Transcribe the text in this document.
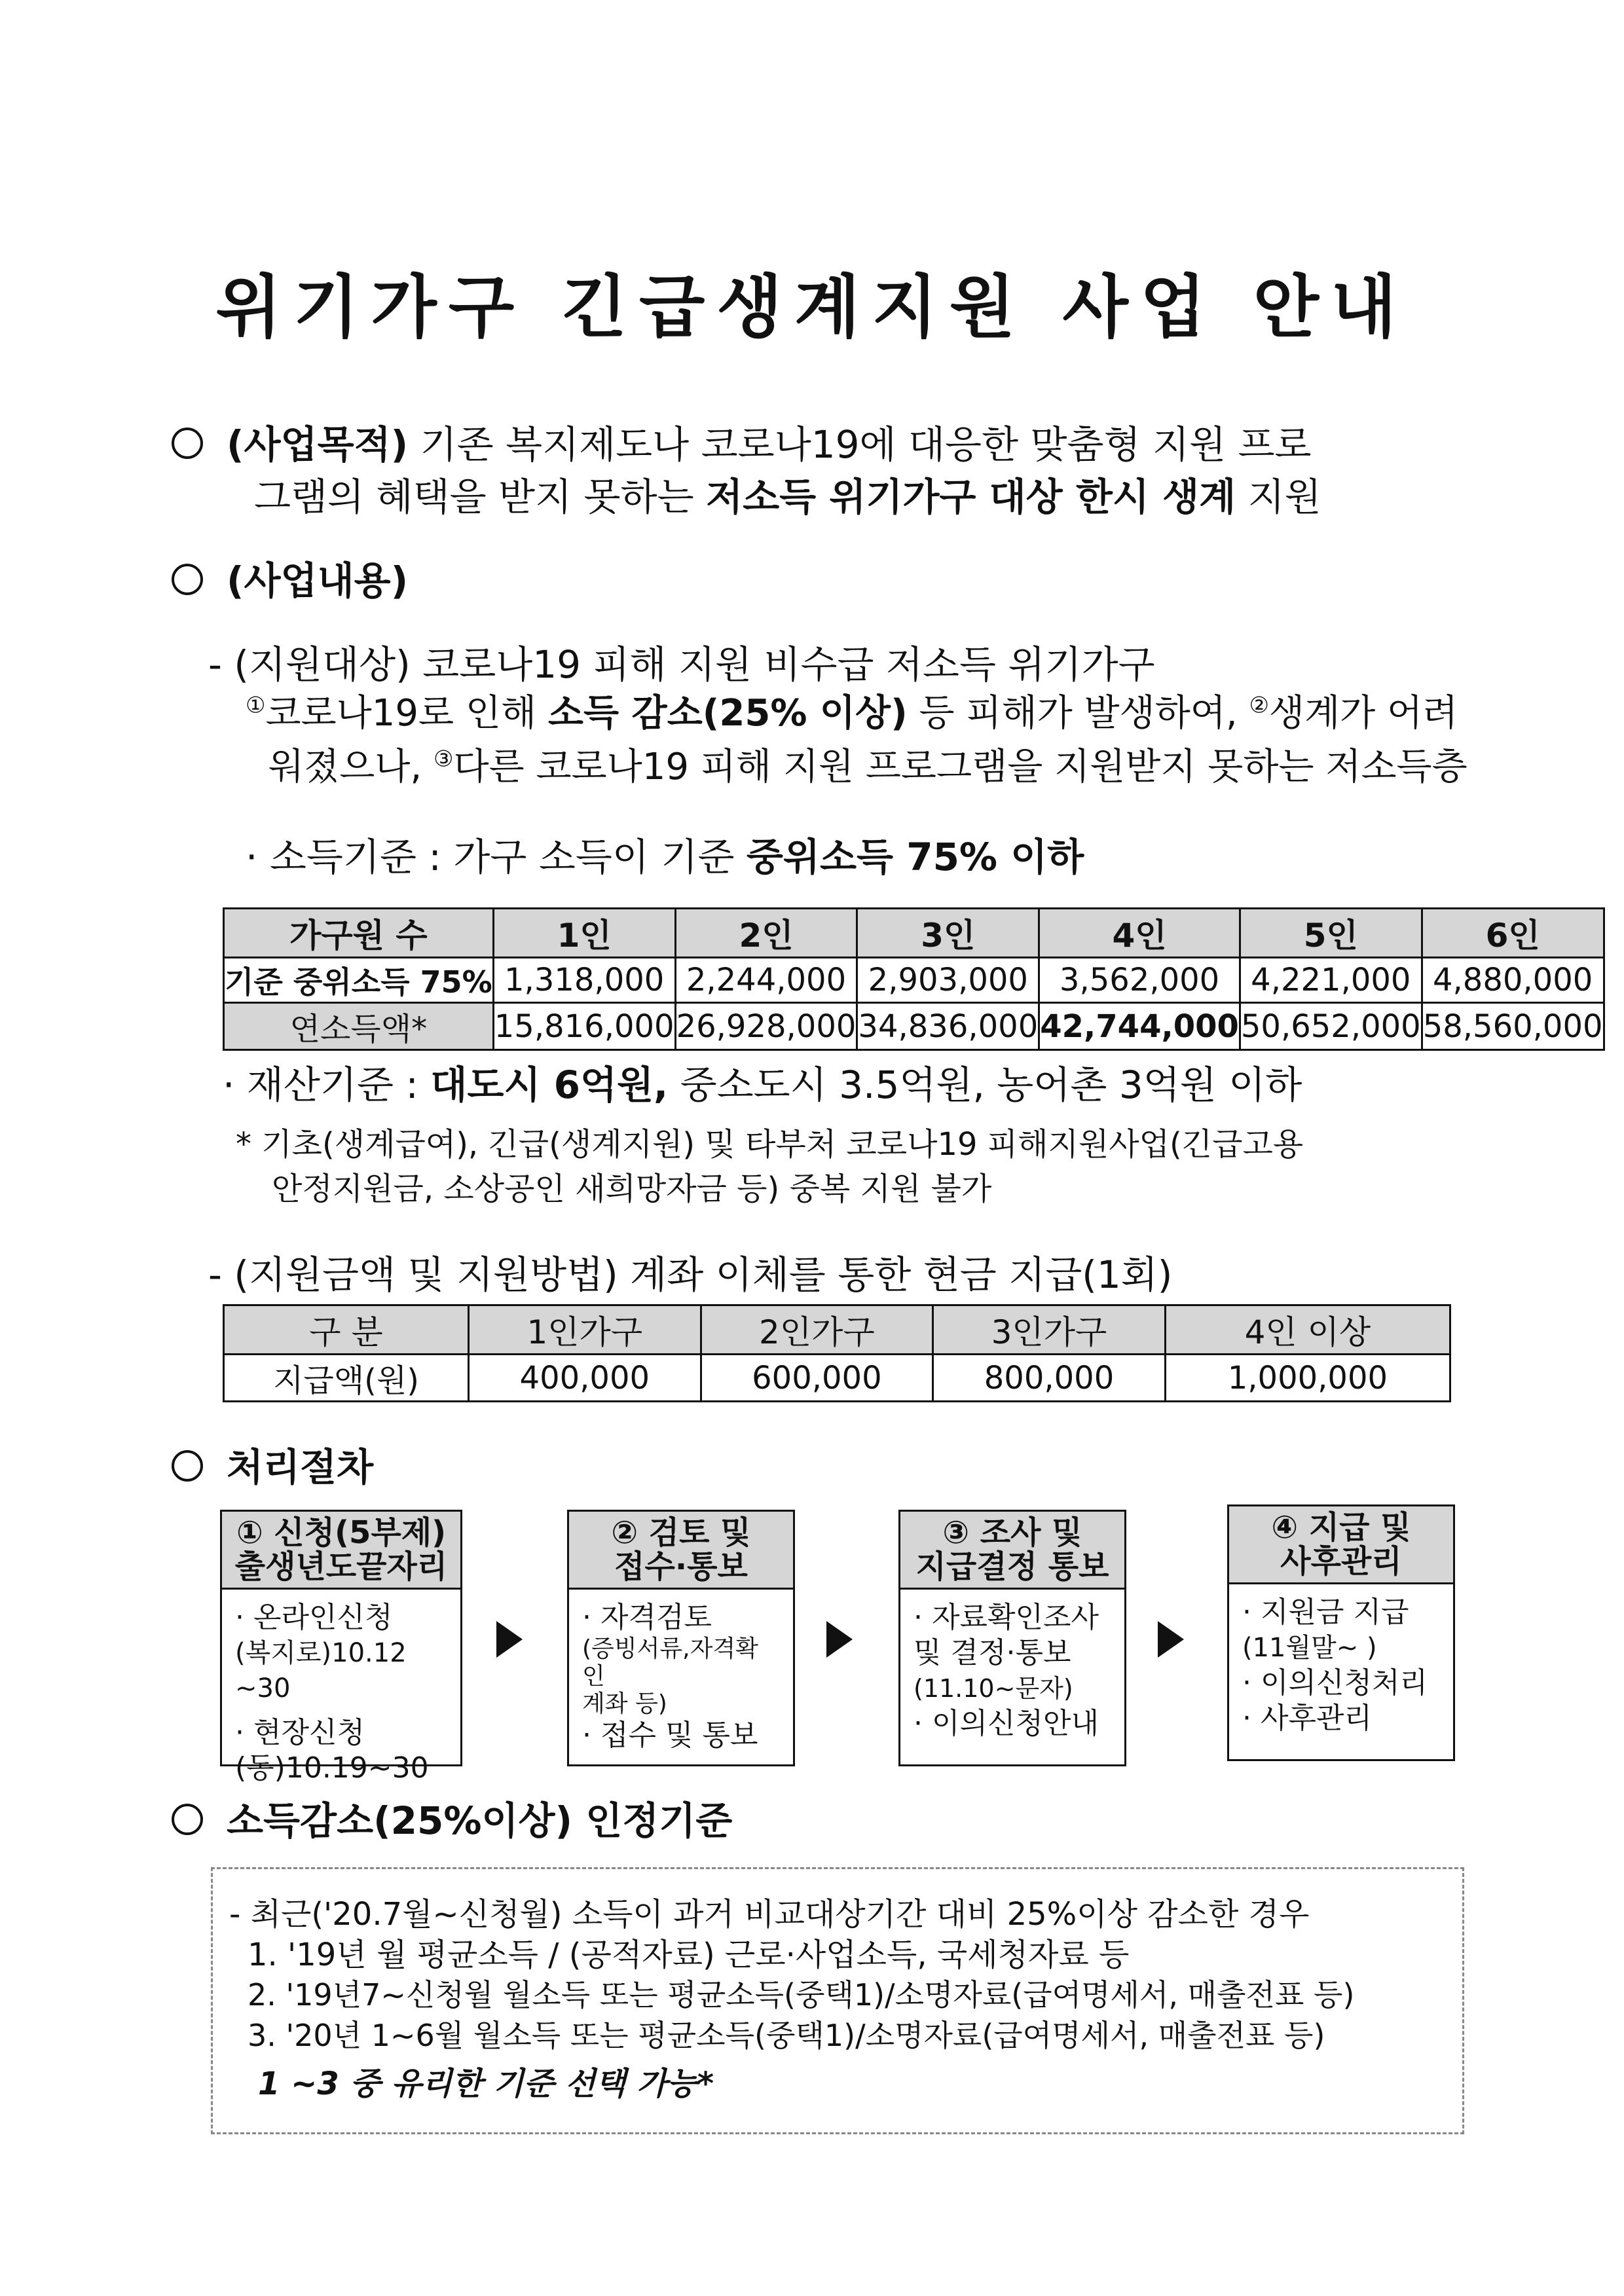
위기가구 긴급생계지원 사업 안내
(사업목적) 기존 복지제도나 코로나19에 대응한 맞춤형 지원 프로
그램의 혜택을 받지 못하는 저소득 위기가구 대상 한시 생계 지원
(사업내용)
- (지원대상) 코로나19 피해 지원 비수급 저소득 위기가구
①코로나19로 인해 소득 감소(25% 이상) 등 피해가 발생하여, ②생계가 어려
워졌으나, ③다른 코로나19 피해 지원 프로그램을 지원받지 못하는 저소득층
· 소득기준 : 가구 소득이 기준 중위소득 75% 이하
가구원 수	1인	2인	3인	4인	5인	6인
기준 중위소득 75%	1,318,000	2,244,000	2,903,000	3,562,000	4,221,000	4,880,000
연소득액*	15,816,000	26,928,000	34,836,000	42,744,000	50,652,000	58,560,000
· 재산기준 : 대도시 6억원, 중소도시 3.5억원, 농어촌 3억원 이하
* 기초(생계급여), 긴급(생계지원) 및 타부처 코로나19 피해지원사업(긴급고용
안정지원금, 소상공인 새희망자금 등) 중복 지원 불가
- (지원금액 및 지원방법) 계좌 이체를 통한 현금 지급(1회)
구 분	1인가구	2인가구	3인가구	4인 이상
지급액(원)	400,000	600,000	800,000	1,000,000
처리절차
① 신청(5부제)
출생년도끝자리
· 온라인신청
(복지로)10.12 ~30
· 현장신청
(동)10.19~30
② 검토 및
접수·통보
· 자격검토
(증빙서류,자격확인
계좌 등)
· 접수 및 통보
③ 조사 및
지급결정 통보
· 자료확인조사
및 결정·통보
(11.10~문자)
· 이의신청안내
④ 지급 및
사후관리
· 지원금 지급
(11월말~ )
· 이의신청처리
· 사후관리
소득감소(25%이상) 인정기준
- 최근('20.7월~신청월) 소득이 과거 비교대상기간 대비 25%이상 감소한 경우
1. '19년 월 평균소득 / (공적자료) 근로·사업소득, 국세청자료 등
2. '19년7~신청월 월소득 또는 평균소득(중택1)/소명자료(급여명세서, 매출전표 등)
3. '20년 1~6월 월소득 또는 평균소득(중택1)/소명자료(급여명세서, 매출전표 등)
1 ~3 중 유리한 기준 선택 가능*
